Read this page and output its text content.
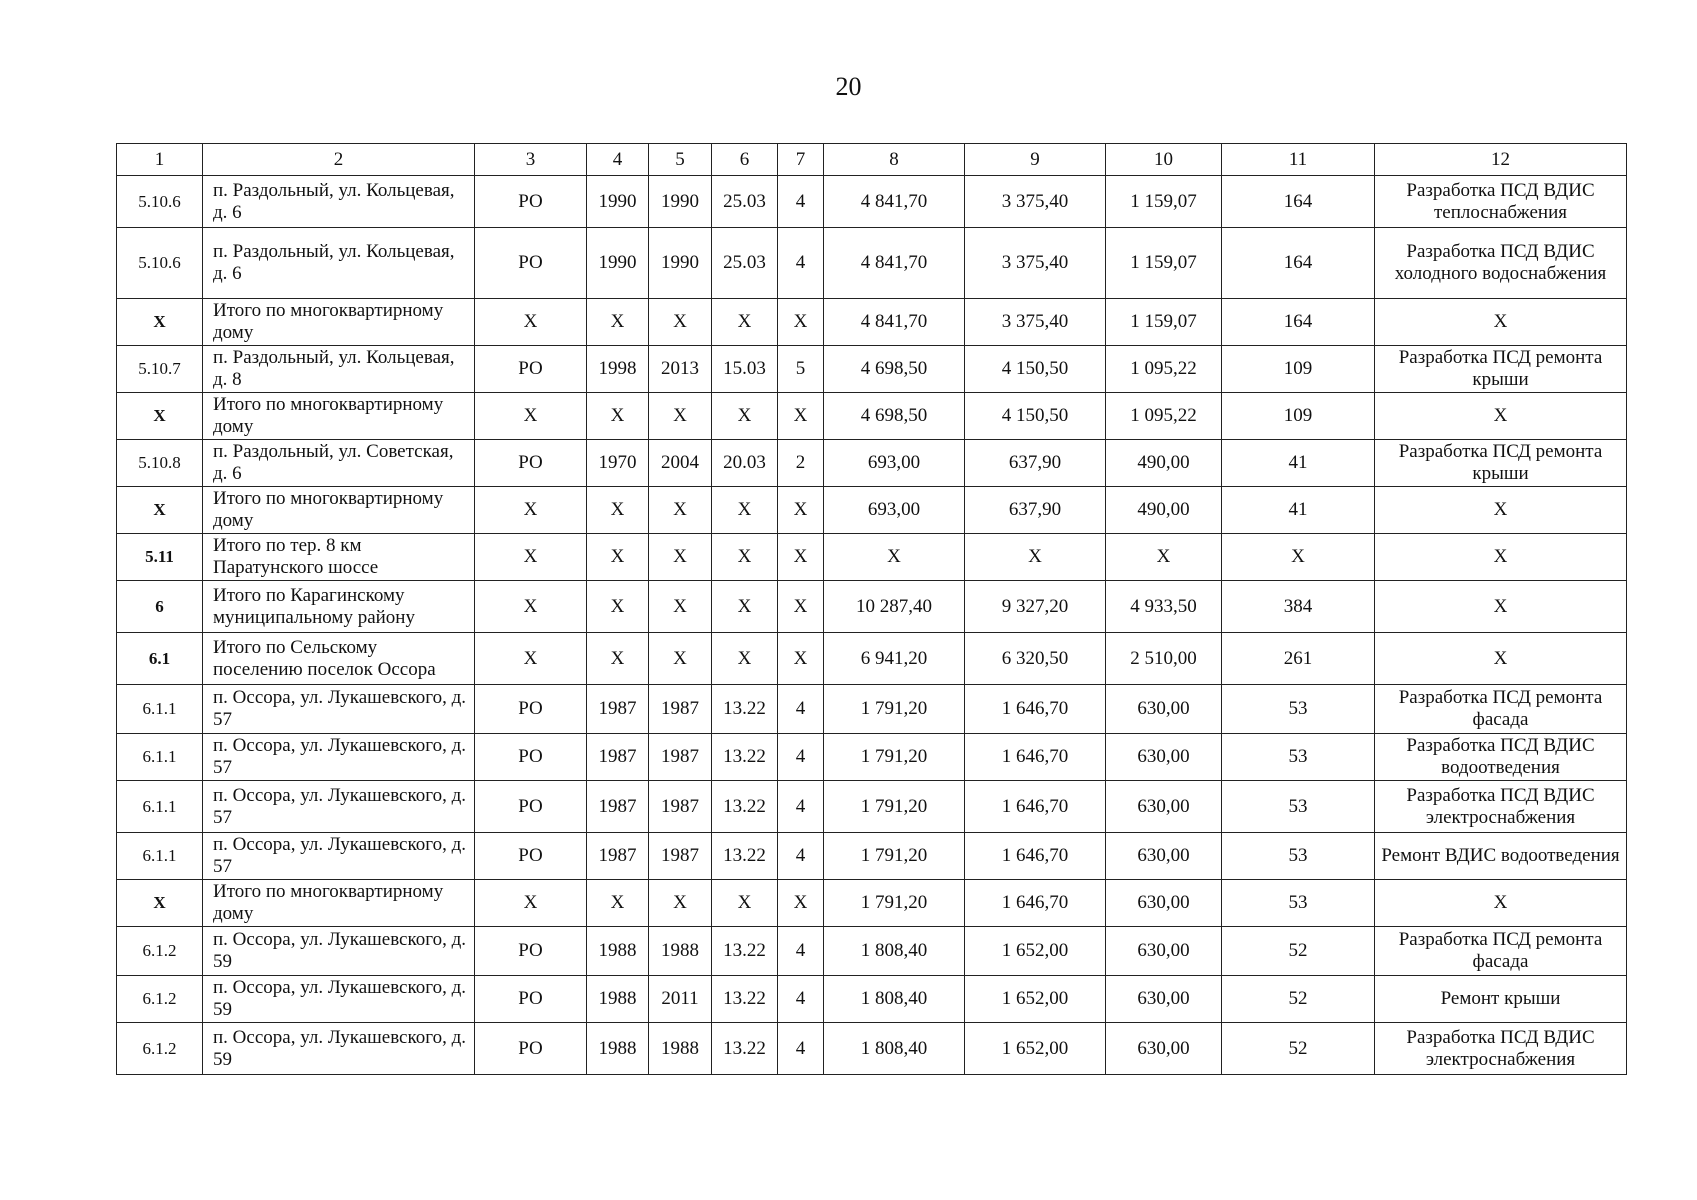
20
1	2	3	4	5	6	7	8	9	10	11	12
5.10.6	п. Раздольный, ул. Кольцевая, д. 6	РО	1990	1990	25.03	4	4 841,70	3 375,40	1 159,07	164	Разработка ПСД ВДИС теплоснабжения
5.10.6	п. Раздольный, ул. Кольцевая, д. 6	РО	1990	1990	25.03	4	4 841,70	3 375,40	1 159,07	164	Разработка ПСД ВДИС холодного водоснабжения
X	Итого по многоквартирному дому	X	X	X	X	X	4 841,70	3 375,40	1 159,07	164	X
5.10.7	п. Раздольный, ул. Кольцевая, д. 8	РО	1998	2013	15.03	5	4 698,50	4 150,50	1 095,22	109	Разработка ПСД ремонта крыши
X	Итого по многоквартирному дому	X	X	X	X	X	4 698,50	4 150,50	1 095,22	109	X
5.10.8	п. Раздольный, ул. Советская, д. 6	РО	1970	2004	20.03	2	693,00	637,90	490,00	41	Разработка ПСД ремонта крыши
X	Итого по многоквартирному дому	X	X	X	X	X	693,00	637,90	490,00	41	X
5.11	Итого по тер. 8 км Паратунского шоссе	X	X	X	X	X	X	X	X	X	X
6	Итого по Карагинскому муниципальному району	X	X	X	X	X	10 287,40	9 327,20	4 933,50	384	X
6.1	Итого по Сельскому поселению поселок Оссора	X	X	X	X	X	6 941,20	6 320,50	2 510,00	261	X
6.1.1	п. Оссора, ул. Лукашевского, д. 57	РО	1987	1987	13.22	4	1 791,20	1 646,70	630,00	53	Разработка ПСД ремонта фасада
6.1.1	п. Оссора, ул. Лукашевского, д. 57	РО	1987	1987	13.22	4	1 791,20	1 646,70	630,00	53	Разработка ПСД ВДИС водоотведения
6.1.1	п. Оссора, ул. Лукашевского, д. 57	РО	1987	1987	13.22	4	1 791,20	1 646,70	630,00	53	Разработка ПСД ВДИС электроснабжения
6.1.1	п. Оссора, ул. Лукашевского, д. 57	РО	1987	1987	13.22	4	1 791,20	1 646,70	630,00	53	Ремонт ВДИС водоотведения
X	Итого по многоквартирному дому	X	X	X	X	X	1 791,20	1 646,70	630,00	53	X
6.1.2	п. Оссора, ул. Лукашевского, д. 59	РО	1988	1988	13.22	4	1 808,40	1 652,00	630,00	52	Разработка ПСД ремонта фасада
6.1.2	п. Оссора, ул. Лукашевского, д. 59	РО	1988	2011	13.22	4	1 808,40	1 652,00	630,00	52	Ремонт крыши
6.1.2	п. Оссора, ул. Лукашевского, д. 59	РО	1988	1988	13.22	4	1 808,40	1 652,00	630,00	52	Разработка ПСД ВДИС электроснабжения
